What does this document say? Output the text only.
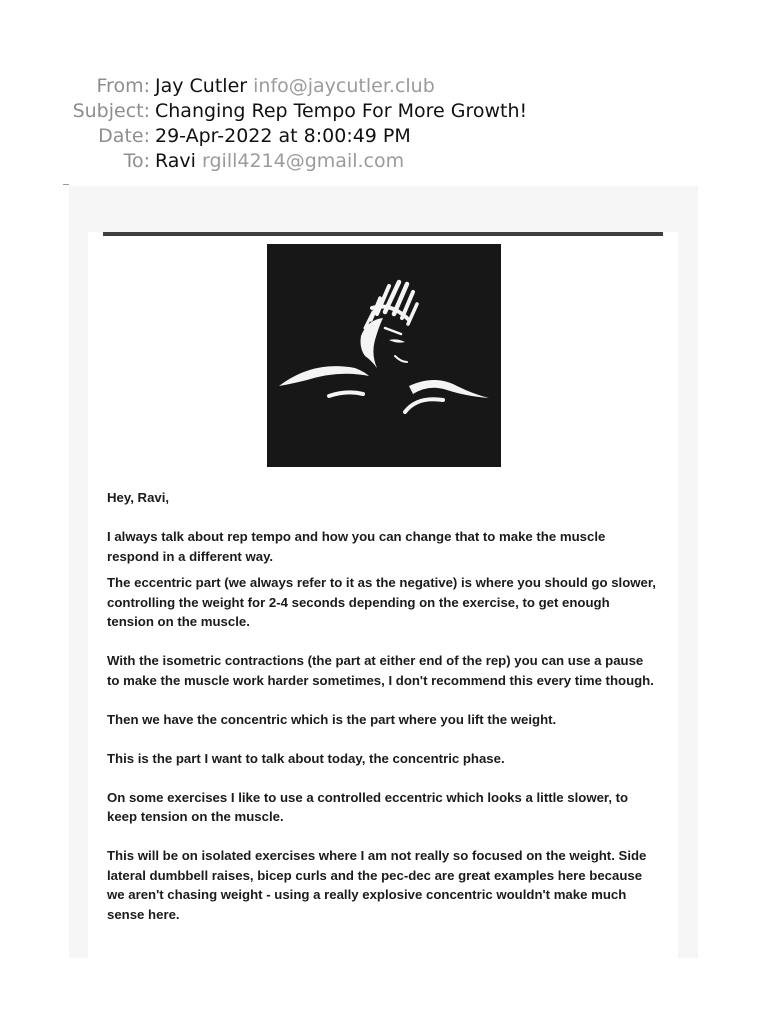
From: Jay Cutler info@jaycutler.club
Subject: Changing Rep Tempo For More Growth!
Date: 29-Apr-2022 at 8:00:49 PM
To: Ravi rgill4214@gmail.com

Hey, Ravi,

I always talk about rep tempo and how you can change that to make the muscle respond in a different way.

The eccentric part (we always refer to it as the negative) is where you should go slower, controlling the weight for 2-4 seconds depending on the exercise, to get enough tension on the muscle.

With the isometric contractions (the part at either end of the rep) you can use a pause to make the muscle work harder sometimes, I don't recommend this every time though.

Then we have the concentric which is the part where you lift the weight.

This is the part I want to talk about today, the concentric phase.

On some exercises I like to use a controlled eccentric which looks a little slower, to keep tension on the muscle.

This will be on isolated exercises where I am not really so focused on the weight. Side lateral dumbbell raises, bicep curls and the pec-dec are great examples here because we aren't chasing weight - using a really explosive concentric wouldn't make much sense here.
